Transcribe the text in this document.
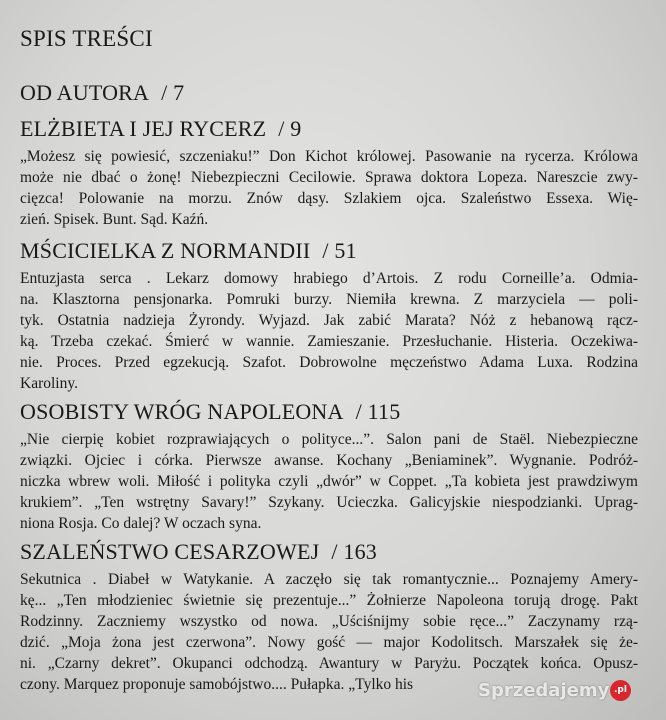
SPIS TREŚCI
OD AUTORA / 7
ELŻBIETA I JEJ RYCERZ / 9
„Możesz się powiesić, szczeniaku!” Don Kichot królowej. Pasowanie na rycerza. Królowa
może nie dbać o żonę! Niebezpieczni Cecilowie. Sprawa doktora Lopeza. Nareszcie zwy-
cięzca! Polowanie na morzu. Znów dąsy. Szlakiem ojca. Szaleństwo Essexa. Wię-
zień. Spisek. Bunt. Sąd. Kaźń.
MŚCICIELKA Z NORMANDII / 51
Entuzjasta serca . Lekarz domowy hrabiego d’Artois. Z rodu Corneille’a. Odmia-
na. Klasztorna pensjonarka. Pomruki burzy. Niemiła krewna. Z marzyciela — poli-
tyk. Ostatnia nadzieja Żyrondy. Wyjazd. Jak zabić Marata? Nóż z hebanową rącz-
ką. Trzeba czekać. Śmierć w wannie. Zamieszanie. Przesłuchanie. Histeria. Oczekiwa-
nie. Proces. Przed egzekucją. Szafot. Dobrowolne męczeństwo Adama Luxa. Rodzina
Karoliny.
OSOBISTY WRÓG NAPOLEONA / 115
„Nie cierpię kobiet rozprawiających o polityce...”. Salon pani de Staël. Niebezpieczne
związki. Ojciec i córka. Pierwsze awanse. Kochany „Beniaminek”. Wygnanie. Podróż-
niczka wbrew woli. Miłość i polityka czyli „dwór” w Coppet. „Ta kobieta jest prawdziwym
krukiem”. „Ten wstrętny Savary!” Szykany. Ucieczka. Galicyjskie niespodzianki. Uprag-
niona Rosja. Co dalej? W oczach syna.
SZALEŃSTWO CESARZOWEJ / 163
Sekutnica . Diabeł w Watykanie. A zaczęło się tak romantycznie... Poznajemy Amery-
kę... „Ten młodzieniec świetnie się prezentuje...” Żołnierze Napoleona torują drogę. Pakt
Rodzinny. Zaczniemy wszystko od nowa. „Uściśnijmy sobie ręce...” Zaczynamy rzą-
dzić. „Moja żona jest czerwona”. Nowy gość — major Kodolitsch. Marszałek się że-
ni. „Czarny dekret”. Okupanci odchodzą. Awantury w Paryżu. Początek końca. Opusz-
czony. Marquez proponuje samobójstwo.... Pułapka. „Tylko his	Sprzedajemy .pl
